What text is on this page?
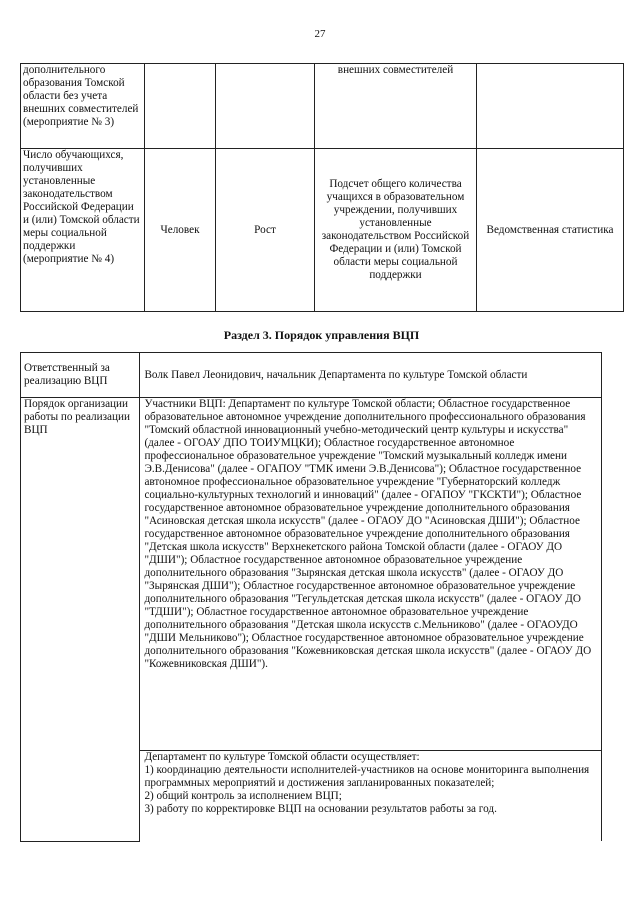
27
дополнительного образования Томской области без учета внешних совместителей (мероприятие № 3)			внешних совместителей	
Число обучающихся, получивших установленные законодательством Российской Федерации и (или) Томской области меры социальной поддержки (мероприятие № 4)	Человек	Рост	Подсчет общего количества учащихся в образовательном учреждении, получивших установленные законодательством Российской Федерации и (или) Томской области меры социальной поддержки	Ведомственная статистика
Раздел 3. Порядок управления ВЦП
Ответственный за реализацию ВЦП	Волк Павел Леонидович, начальник Департамента по культуре Томской области
Порядок организации работы по реализации ВЦП	Участники ВЦП: Департамент по культуре Томской области; Областное государственное образовательное автономное учреждение дополнительного профессионального образования "Томский областной инновационный учебно-методический центр культуры и искусства" (далее - ОГОАУ ДПО ТОИУМЦКИ); Областное государственное автономное профессиональное образовательное учреждение "Томский музыкальный колледж имени Э.В.Денисова" (далее - ОГАПОУ "ТМК имени Э.В.Денисова"); Областное государственное автономное профессиональное образовательное учреждение "Губернаторский колледж социально-культурных технологий и инноваций" (далее - ОГАПОУ "ГКСКТИ"); Областное государственное автономное образовательное учреждение дополнительного образования "Асиновская детская школа искусств" (далее - ОГАОУ ДО "Асиновская ДШИ"); Областное государственное автономное образовательное учреждение дополнительного образования "Детская школа искусств" Верхнекетского района Томской области (далее - ОГАОУ ДО "ДШИ"); Областное государственное автономное образовательное учреждение дополнительного образования "Зырянская детская школа искусств" (далее - ОГАОУ ДО "Зырянская ДШИ"); Областное государственное автономное образовательное учреждение дополнительного образования "Тегульдетская детская школа искусств" (далее - ОГАОУ ДО "ТДШИ"); Областное государственное автономное образовательное учреждение дополнительного образования "Детская школа искусств с.Мельниково" (далее - ОГАОУДО "ДШИ Мельниково"); Областное государственное автономное образовательное учреждение дополнительного образования "Кожевниковская детская школа искусств" (далее - ОГАОУ ДО "Кожевниковская ДШИ").

	Департамент по культуре Томской области осуществляет:
1) координацию деятельности исполнителей-участников на основе мониторинга выполнения программных мероприятий и достижения запланированных показателей;
2) общий контроль за исполнением ВЦП;
3) работу по корректировке ВЦП на основании результатов работы за год.
